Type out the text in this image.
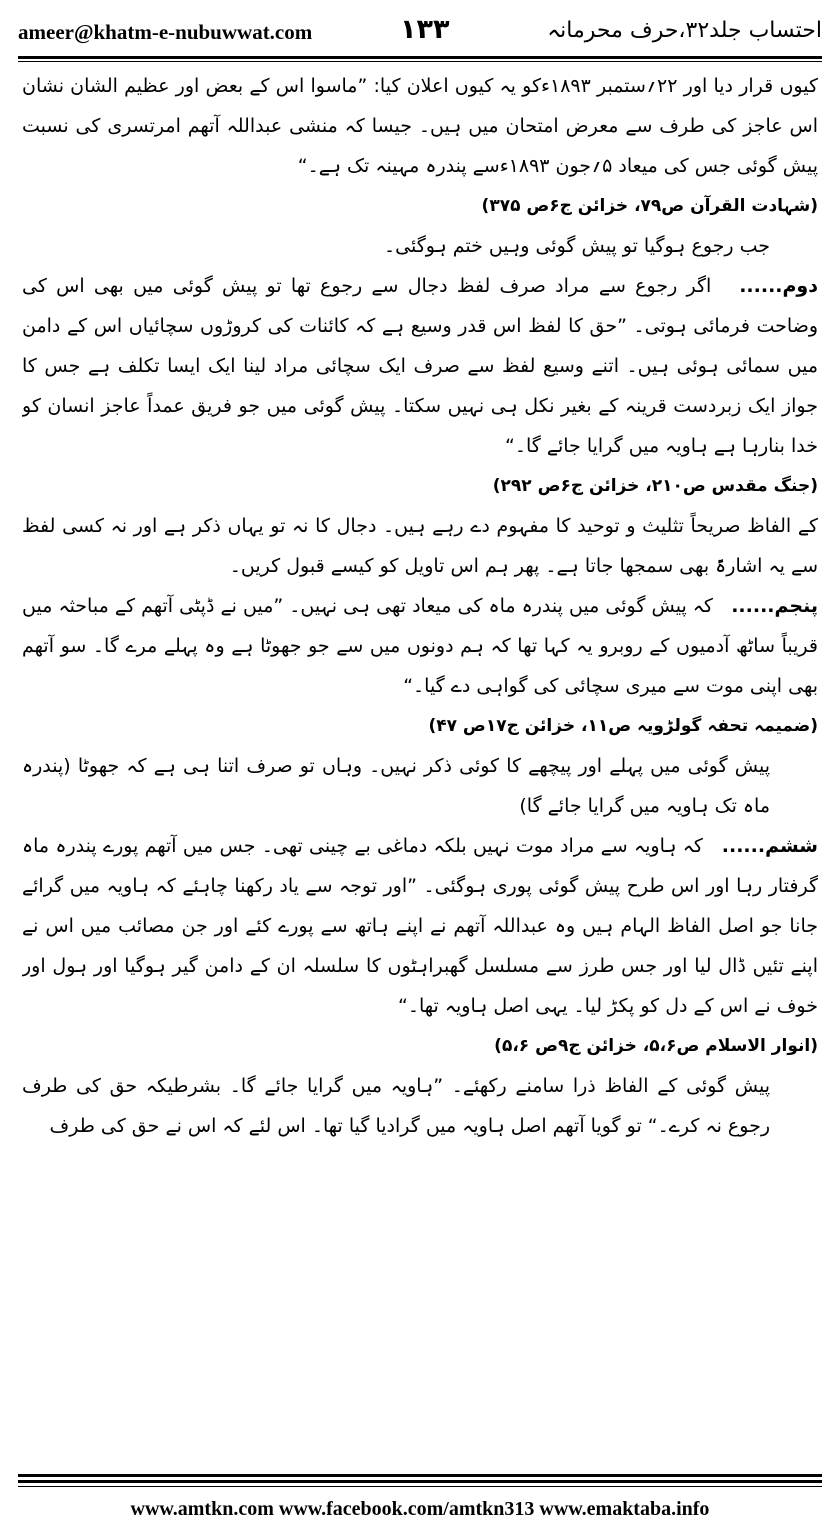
ameer@khatm-e-nubuwwat.com	۱۳۳	احتساب جلد۳۲،حرف محرمانہ

کیوں قرار دیا اور ۲۲؍ستمبر ۱۸۹۳ءکو یہ کیوں اعلان کیا: ”ماسوا اس کے بعض اور عظیم الشان نشان اس عاجز کی طرف سے معرض امتحان میں ہیں۔ جیسا کہ منشی عبداللہ آتھم امرتسری کی نسبت پیش گوئی جس کی میعاد ۵؍جون ۱۸۹۳ءسے پندرہ مہینہ تک ہے۔“

(شہادت القرآن ص۷۹، خزائن ج۶ص ۳۷۵)

جب رجوع ہوگیا تو پیش گوئی وہیں ختم ہوگئی۔

دوم......   اگر رجوع سے مراد صرف لفظ دجال سے رجوع تھا تو پیش گوئی میں بھی اس کی وضاحت فرمائی ہوتی۔ ”حق کا لفظ اس قدر وسیع ہے کہ کائنات کی کروڑوں سچائیاں اس کے دامن میں سمائی ہوئی ہیں۔ اتنے وسیع لفظ سے صرف ایک سچائی مراد لینا ایک ایسا تکلف ہے جس کا جواز ایک زبردست قرینہ کے بغیر نکل ہی نہیں سکتا۔ پیش گوئی میں جو فریق عمداً عاجز انسان کو خدا بنارہا ہے ہاویہ میں گرایا جائے گا۔“

(جنگ مقدس ص۲۱۰، خزائن ج۶ص ۲۹۲)

کے الفاظ صریحاً تثلیث و توحید کا مفہوم دے رہے ہیں۔ دجال کا نہ تو یہاں ذکر ہے اور نہ کسی لفظ سے یہ اشارۃً بھی سمجھا جاتا ہے۔ پھر ہم اس تاویل کو کیسے قبول کریں۔

پنجم......   کہ پیش گوئی میں پندرہ ماہ کی میعاد تھی ہی نہیں۔ ”میں نے ڈپٹی آتھم کے مباحثہ میں قریباً ساٹھ آدمیوں کے روبرو یہ کہا تھا کہ ہم دونوں میں سے جو جھوٹا ہے وہ پہلے مرے گا۔ سو آتھم بھی اپنی موت سے میری سچائی کی گواہی دے گیا۔“

(ضمیمہ تحفہ گولڑویہ ص۱۱، خزائن ج۱۷ص ۴۷)

پیش گوئی میں پہلے اور پیچھے کا کوئی ذکر نہیں۔ وہاں تو صرف اتنا ہی ہے کہ جھوٹا (پندرہ ماہ تک ہاویہ میں گرایا جائے گا)

ششم......   کہ ہاویہ سے مراد موت نہیں بلکہ دماغی بے چینی تھی۔ جس میں آتھم پورے پندرہ ماہ گرفتار رہا اور اس طرح پیش گوئی پوری ہوگئی۔ ”اور توجہ سے یاد رکھنا چاہئے کہ ہاویہ میں گرائے جانا جو اصل الفاظ الہام ہیں وہ عبداللہ آتھم نے اپنے ہاتھ سے پورے کئے اور جن مصائب میں اس نے اپنے تئیں ڈال لیا اور جس طرز سے مسلسل گھبراہٹوں کا سلسلہ ان کے دامن گیر ہوگیا اور ہول اور خوف نے اس کے دل کو پکڑ لیا۔ یہی اصل ہاویہ تھا۔“

(انوار الاسلام ص۵،۶، خزائن ج۹ص ۵،۶)

پیش گوئی کے الفاظ ذرا سامنے رکھئے۔ ”ہاویہ میں گرایا جائے گا۔ بشرطیکہ حق کی طرف رجوع نہ کرے۔“ تو گویا آتھم اصل ہاویہ میں گرادیا گیا تھا۔ اس لئے کہ اس نے حق کی طرف

www.amtkn.com www.facebook.com/amtkn313 www.emaktaba.info
